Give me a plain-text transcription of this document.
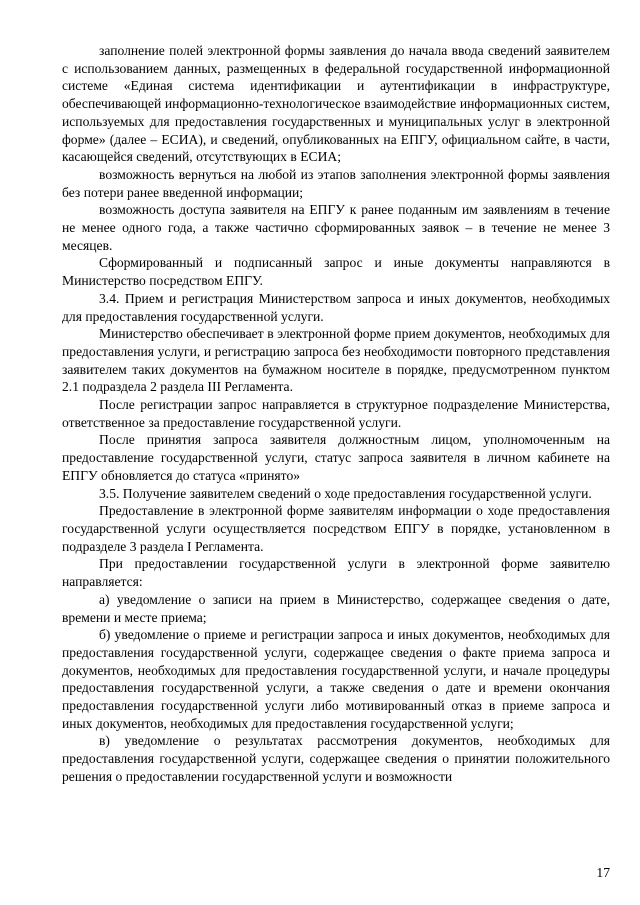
заполнение полей электронной формы заявления до начала ввода сведений заявителем с использованием данных, размещенных в федеральной государственной информационной системе «Единая система идентификации и аутентификации в инфраструктуре, обеспечивающей информационно-технологическое взаимодействие информационных систем, используемых для предоставления государственных и муниципальных услуг в электронной форме» (далее – ЕСИА), и сведений, опубликованных на ЕПГУ, официальном сайте, в части, касающейся сведений, отсутствующих в ЕСИА;

возможность вернуться на любой из этапов заполнения электронной формы заявления без потери ранее введенной информации;

возможность доступа заявителя на ЕПГУ к ранее поданным им заявлениям в течение не менее одного года, а также частично сформированных заявок – в течение не менее 3 месяцев.

Сформированный и подписанный запрос и иные документы направляются в Министерство посредством ЕПГУ.

3.4. Прием и регистрация Министерством запроса и иных документов, необходимых для предоставления государственной услуги.

Министерство обеспечивает в электронной форме прием документов, необходимых для предоставления услуги, и регистрацию запроса без необходимости повторного представления заявителем таких документов на бумажном носителе в порядке, предусмотренном пунктом 2.1 подраздела 2 раздела III Регламента.

После регистрации запрос направляется в структурное подразделение Министерства, ответственное за предоставление государственной услуги.

После принятия запроса заявителя должностным лицом, уполномоченным на предоставление государственной услуги, статус запроса заявителя в личном кабинете на ЕПГУ обновляется до статуса «принято»

3.5. Получение заявителем сведений о ходе предоставления государственной услуги.

Предоставление в электронной форме заявителям информации о ходе предоставления государственной услуги осуществляется посредством ЕПГУ в порядке, установленном в подразделе 3 раздела I Регламента.

При предоставлении государственной услуги в электронной форме заявителю направляется:

а) уведомление о записи на прием в Министерство, содержащее сведения о дате, времени и месте приема;

б) уведомление о приеме и регистрации запроса и иных документов, необходимых для предоставления государственной услуги, содержащее сведения о факте приема запроса и документов, необходимых для предоставления государственной услуги, и начале процедуры предоставления государственной услуги, а также сведения о дате и времени окончания предоставления государственной услуги либо мотивированный отказ в приеме запроса и иных документов, необходимых для предоставления государственной услуги;

в) уведомление о результатах рассмотрения документов, необходимых для предоставления государственной услуги, содержащее сведения о принятии положительного решения о предоставлении государственной услуги и возможности

17
